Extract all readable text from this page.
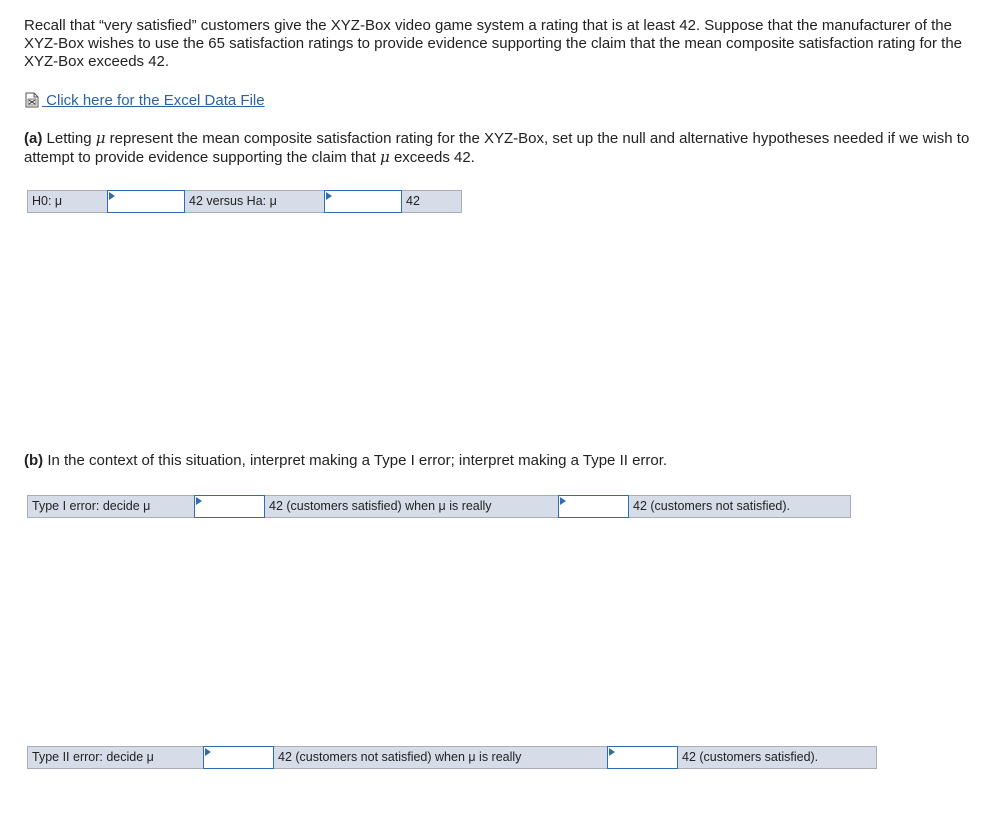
Recall that “very satisfied” customers give the XYZ-Box video game system a rating that is at least 42. Suppose that the manufacturer of the XYZ-Box wishes to use the 65 satisfaction ratings to provide evidence supporting the claim that the mean composite satisfaction rating for the XYZ-Box exceeds 42.
Click here for the Excel Data File
(a) Letting μ represent the mean composite satisfaction rating for the XYZ-Box, set up the null and alternative hypotheses needed if we wish to attempt to provide evidence supporting the claim that μ exceeds 42.
H0: μ	42 versus Ha: μ	42
(b) In the context of this situation, interpret making a Type I error; interpret making a Type II error.
Type I error: decide μ	42 (customers satisfied) when μ is really	42 (customers not satisfied).
Type II error: decide μ	42 (customers not satisfied) when μ is really	42 (customers satisfied).
